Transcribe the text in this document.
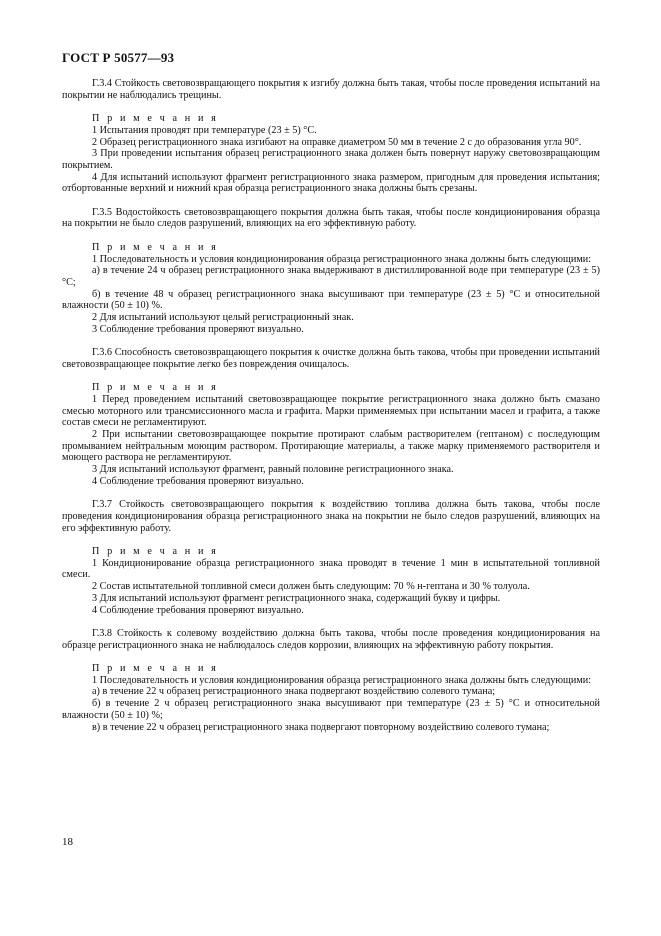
ГОСТ Р 50577—93

Г.3.4 Стойкость световозвращающего покрытия к изгибу должна быть такая, чтобы после проведения испытаний на покрытии не наблюдались трещины.

П р и м е ч а н и я

1 Испытания проводят при температуре (23 ± 5) °С.

2 Образец регистрационного знака изгибают на оправке диаметром 50 мм в течение 2 с до образования угла 90°.

3 При проведении испытания образец регистрационного знака должен быть повернут наружу световозвращающим покрытием.

4 Для испытаний используют фрагмент регистрационного знака размером, пригодным для проведения испытания; отбортованные верхний и нижний края образца регистрационного знака должны быть срезаны.

Г.3.5 Водостойкость световозвращающего покрытия должна быть такая, чтобы после кондиционирования образца на покрытии не было следов разрушений, влияющих на его эффективную работу.

П р и м е ч а н и я

1 Последовательность и условия кондиционирования образца регистрационного знака должны быть следующими:

а) в течение 24 ч образец регистрационного знака выдерживают в дистиллированной воде при температуре (23 ± 5) °С;

б) в течение 48 ч образец регистрационного знака высушивают при температуре (23 ± 5) °С и относительной влажности (50 ± 10) %.

2 Для испытаний используют целый регистрационный знак.

3 Соблюдение требования проверяют визуально.

Г.3.6 Способность световозвращающего покрытия к очистке должна быть такова, чтобы при проведении испытаний световозвращающее покрытие легко без повреждения очищалось.

П р и м е ч а н и я

1 Перед проведением испытаний световозвращающее покрытие регистрационного знака должно быть смазано смесью моторного или трансмиссионного масла и графита. Марки применяемых при испытании масел и графита, а также состав смеси не регламентируют.

2 При испытании световозвращающее покрытие протирают слабым растворителем (гептаном) с последующим промыванием нейтральным моющим раствором. Протирающие материалы, а также марку применяемого растворителя и моющего раствора не регламентируют.

3 Для испытаний используют фрагмент, равный половине регистрационного знака.

4 Соблюдение требования проверяют визуально.

Г.3.7 Стойкость световозвращающего покрытия к воздействию топлива должна быть такова, чтобы после проведения кондиционирования образца регистрационного знака на покрытии не было следов разрушений, влияющих на его эффективную работу.

П р и м е ч а н и я

1 Кондиционирование образца регистрационного знака проводят в течение 1 мин в испытательной топливной смеси.

2 Состав испытательной топливной смеси должен быть следующим: 70 % н-гептана и 30 % толуола.

3 Для испытаний используют фрагмент регистрационного знака, содержащий букву и цифры.

4 Соблюдение требования проверяют визуально.

Г.3.8 Стойкость к солевому воздействию должна быть такова, чтобы после проведения кондиционирования на образце регистрационного знака не наблюдалось следов коррозии, влияющих на эффективную работу покрытия.

П р и м е ч а н и я

1 Последовательность и условия кондиционирования образца регистрационного знака должны быть следующими:

а) в течение 22 ч образец регистрационного знака подвергают воздействию солевого тумана;

б) в течение 2 ч образец регистрационного знака высушивают при температуре (23 ± 5) °С и относительной влажности (50 ± 10) %;

в) в течение 22 ч образец регистрационного знака подвергают повторному воздействию солевого тумана;

18
